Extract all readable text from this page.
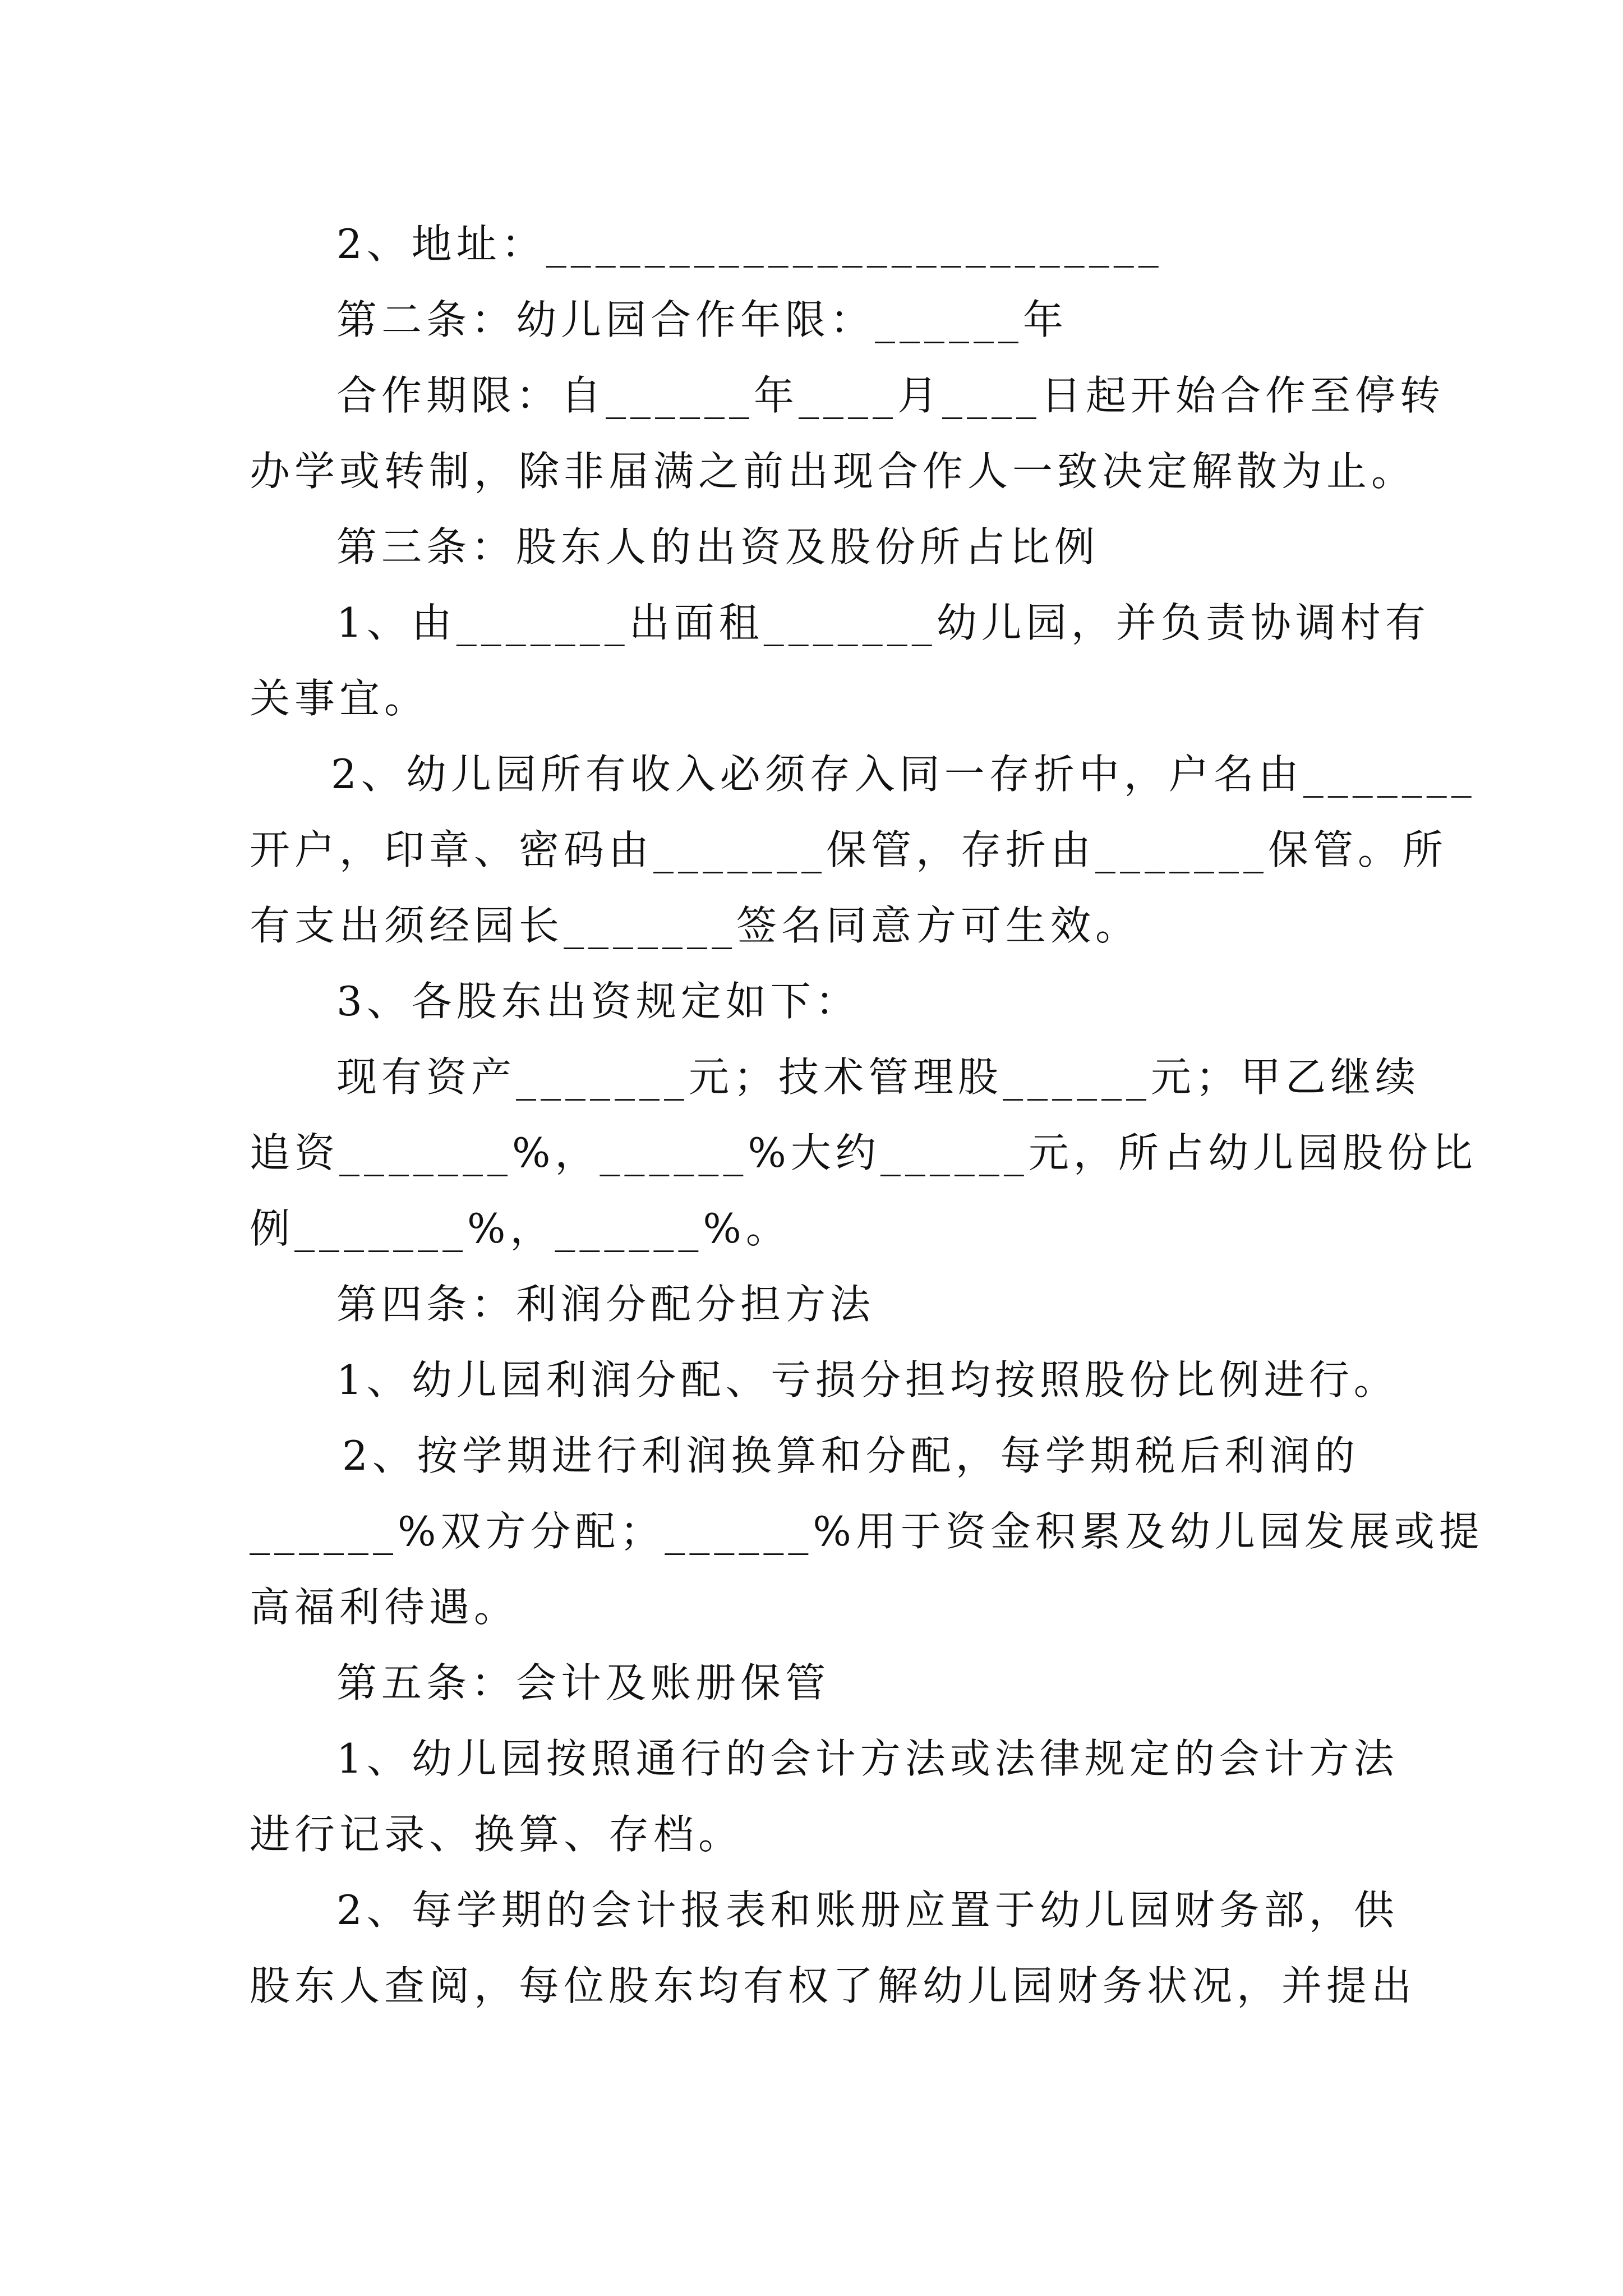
2、地址：_________________________
第二条：幼儿园合作年限：______年
合作期限：自______年____月____日起开始合作至停转
办学或转制，除非届满之前出现合作人一致决定解散为止。
第三条：股东人的出资及股份所占比例
1、由_______出面租_______幼儿园，并负责协调村有
关事宜。
2、幼儿园所有收入必须存入同一存折中，户名由_______
开户，印章、密码由_______保管，存折由_______保管。所
有支出须经园长_______签名同意方可生效。
3、各股东出资规定如下：
现有资产_______元；技术管理股______元；甲乙继续
追资_______%，______%大约______元，所占幼儿园股份比
例_______%，______%。
第四条：利润分配分担方法
1、幼儿园利润分配、亏损分担均按照股份比例进行。
2、按学期进行利润换算和分配，每学期税后利润的
______%双方分配；______%用于资金积累及幼儿园发展或提
高福利待遇。
第五条：会计及账册保管
1、幼儿园按照通行的会计方法或法律规定的会计方法
进行记录、换算、存档。
2、每学期的会计报表和账册应置于幼儿园财务部，供
股东人查阅，每位股东均有权了解幼儿园财务状况，并提出
